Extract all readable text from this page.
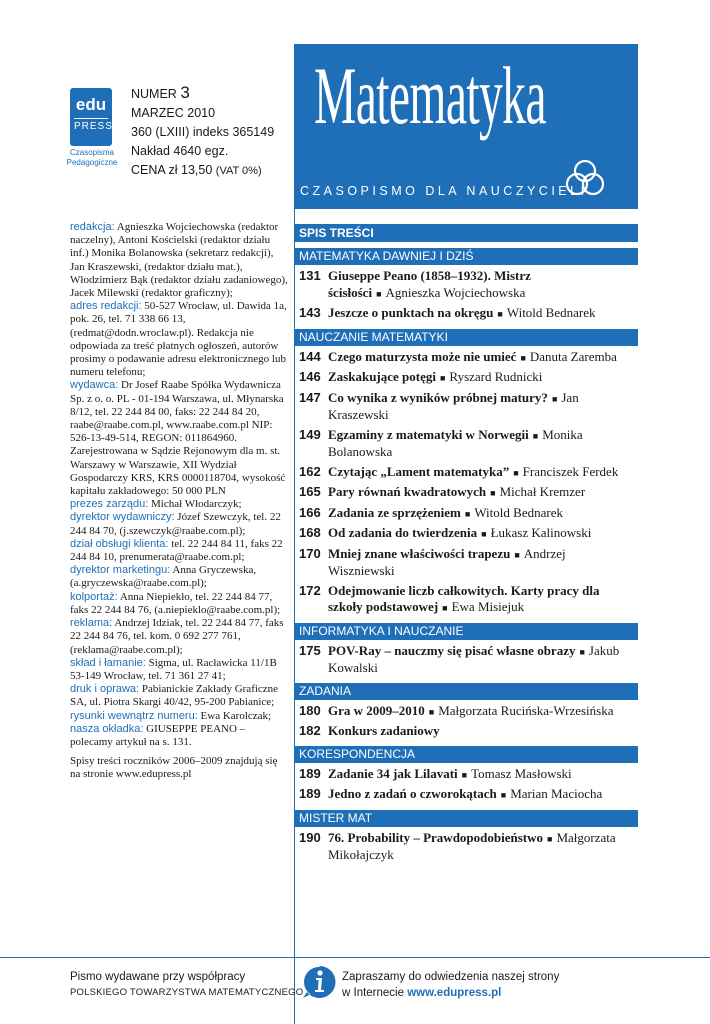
edu
PRESS
Czasopisma
Pedagogiczne
NUMER 3
MARZEC 2010
360 (LXIII) indeks 365149
Nakład 4640 egz.
CENA zł 13,50 (VAT 0%)
Matematyka
CZASOPISMO DLA NAUCZYCIELI

redakcja: Agnieszka Wojciechowska (redaktor naczelny), Antoni Kościelski (redaktor działu inf.) Monika Bolanowska (sekretarz redakcji), Jan Kraszewski, (redaktor działu mat.), Włodzimierz Bąk (redaktor działu zadaniowego), Jacek Milewski (redaktor graficzny);

adres redakcji: 50-527 Wrocław, ul. Dawida 1a, pok. 26, tel. 71 338 66 13, (redmat@dodn.wroclaw.pl). Redakcja nie odpowiada za treść płatnych ogłoszeń, autorów prosimy o podawanie adresu elektronicznego lub numeru telefonu;

wydawca: Dr Josef Raabe Spółka Wydawnicza Sp. z o. o. PL - 01-194 Warszawa, ul. Młynarska 8/12, tel. 22 244 84 00, faks: 22 244 84 20, raabe@raabe.com.pl, www.raabe.com.pl NIP: 526-13-49-514, REGON: 011864960. Zarejestrowana w Sądzie Rejonowym dla m. st. Warszawy w Warszawie, XII Wydział Gospodarczy KRS, KRS 0000118704, wysokość kapitału zakładowego: 50 000 PLN

prezes zarządu: Michał Włodarczyk;

dyrektor wydawniczy: Józef Szewczyk, tel. 22 244 84 70, (j.szewczyk@raabe.com.pl);

dział obsługi klienta: tel. 22 244 84 11, faks 22 244 84 10, prenumerata@raabe.com.pl;

dyrektor marketingu: Anna Gryczewska, (a.gryczewska@raabe.com.pl);

kolportaż: Anna Niepiekło, tel. 22 244 84 77, faks 22 244 84 76, (a.niepieklo@raabe.com.pl);

reklama: Andrzej Idziak, tel. 22 244 84 77, faks 22 244 84 76, tel. kom. 0 692 277 761, (reklama@raabe.com.pl);

skład i łamanie: Sigma, ul. Racławicka 11/1B 53-149 Wrocław, tel. 71 361 27 41;

druk i oprawa: Pabianickie Zakłady Graficzne SA, ul. Piotra Skargi 40/42, 95-200 Pabianice;

rysunki wewnątrz numeru: Ewa Karolczak;

nasza okładka: GIUSEPPE PEANO – polecamy artykuł na s. 131.

Spisy treści roczników 2006–2009 znajdują się na stronie www.edupress.pl

SPIS TREŚCI
MATEMATYKA DAWNIEJ I DZIŚ
131 Giuseppe Peano (1858–1932). Mistrz ścisłości ■ Agnieszka Wojciechowska
143 Jeszcze o punktach na okręgu ■ Witold Bednarek
NAUCZANIE MATEMATYKI
144 Czego maturzysta może nie umieć ■ Danuta Zaremba
146 Zaskakujące potęgi ■ Ryszard Rudnicki
147 Co wynika z wyników próbnej matury? ■ Jan Kraszewski
149 Egzaminy z matematyki w Norwegii ■ Monika Bolanowska
162 Czytając „Lament matematyka” ■ Franciszek Ferdek
165 Pary równań kwadratowych ■ Michał Kremzer
166 Zadania ze sprzężeniem ■ Witold Bednarek
168 Od zadania do twierdzenia ■ Łukasz Kalinowski
170 Mniej znane właściwości trapezu ■ Andrzej Wiszniewski
172 Odejmowanie liczb całkowitych. Karty pracy dla szkoły podstawowej ■ Ewa Misiejuk
INFORMATYKA I NAUCZANIE
175 POV-Ray – nauczmy się pisać własne obrazy ■ Jakub Kowalski
ZADANIA
180 Gra w 2009–2010 ■ Małgorzata Rucińska-Wrzesińska
182 Konkurs zadaniowy
KORESPONDENCJA
189 Zadanie 34 jak Lilavati ■ Tomasz Masłowski
189 Jedno z zadań o czworokątach ■ Marian Maciocha
MISTER MAT
190 76. Probability – Prawdopodobieństwo ■ Małgorzata Mikołajczyk
Pismo wydawane przy współpracy
POLSKIEGO TOWARZYSTWA MATEMATYCZNEGO
Zapraszamy do odwiedzenia naszej strony
w Internecie www.edupress.pl
